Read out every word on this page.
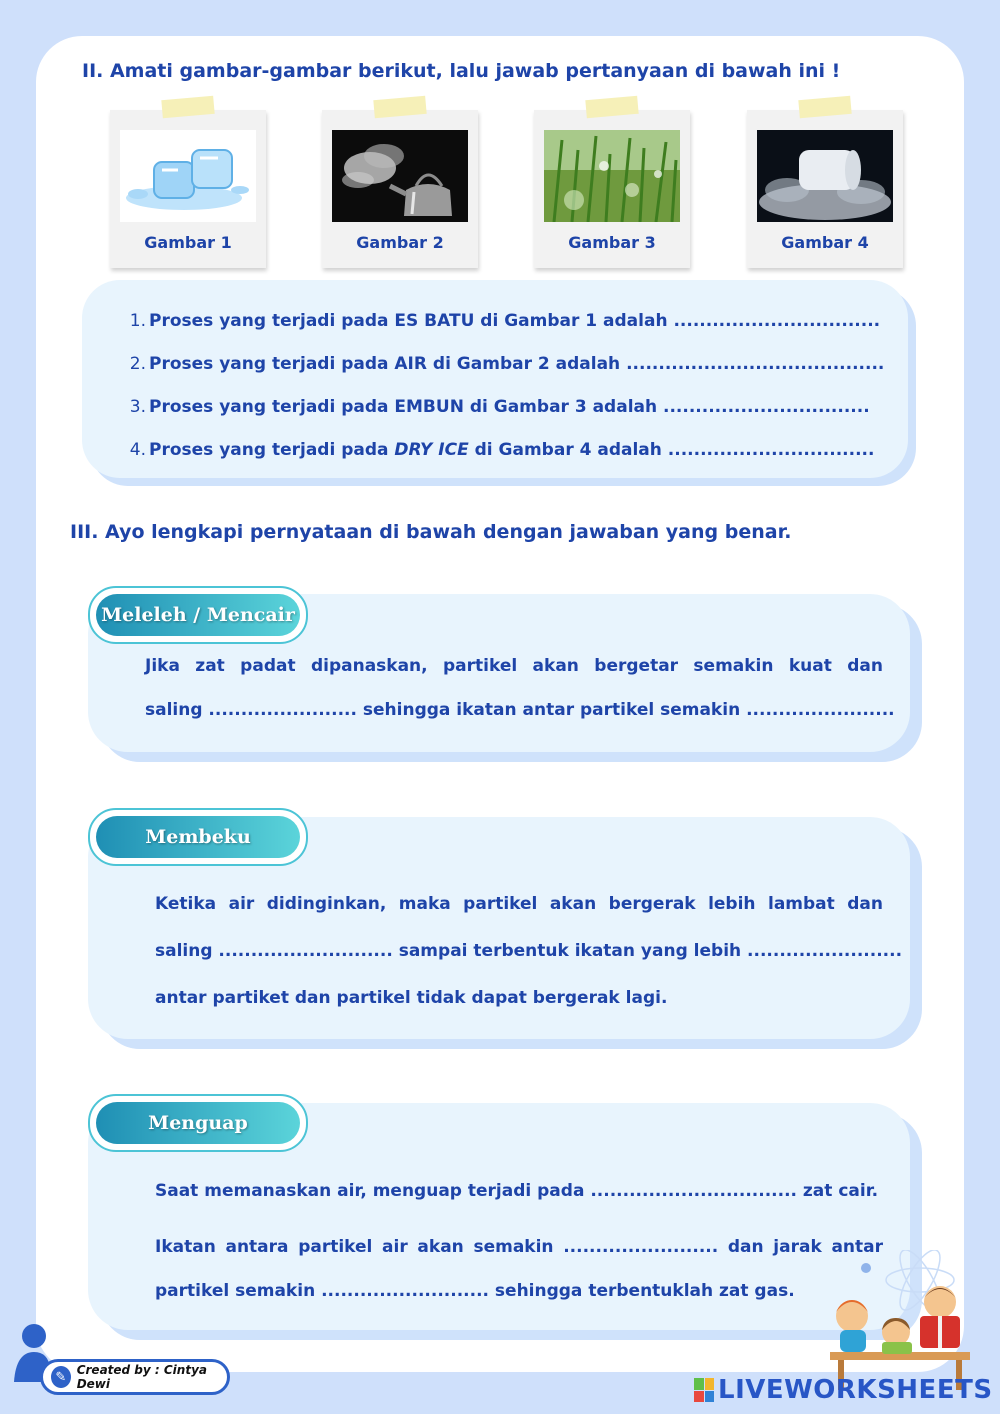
II. Amati gambar-gambar berikut, lalu jawab pertanyaan di bawah ini !
Gambar 1	Gambar 2	Gambar 3	Gambar 4
1. Proses yang terjadi pada ES BATU di Gambar 1 adalah ................................
2. Proses yang terjadi pada AIR di Gambar 2 adalah ........................................
3. Proses yang terjadi pada EMBUN di Gambar 3 adalah ................................
4. Proses yang terjadi pada DRY ICE di Gambar 4 adalah ................................
III. Ayo lengkapi pernyataan di bawah dengan jawaban yang benar.
Meleleh / Mencair

Jika zat padat dipanaskan, partikel akan bergetar semakin kuat dan
saling ....................... sehingga ikatan antar partikel semakin .......................

Membeku

Ketika air didinginkan, maka partikel akan bergerak lebih lambat dan
saling ........................... sampai terbentuk ikatan yang lebih ........................
antar partiket dan partikel tidak dapat bergerak lagi.

Menguap

Saat memanaskan air, menguap terjadi pada ................................ zat cair.
Ikatan antara partikel air akan semakin ........................ dan jarak antar
partikel semakin .......................... sehingga terbentuklah zat gas.

✎ Created by : Cintya Dewi	LIVEWORKSHEETS
